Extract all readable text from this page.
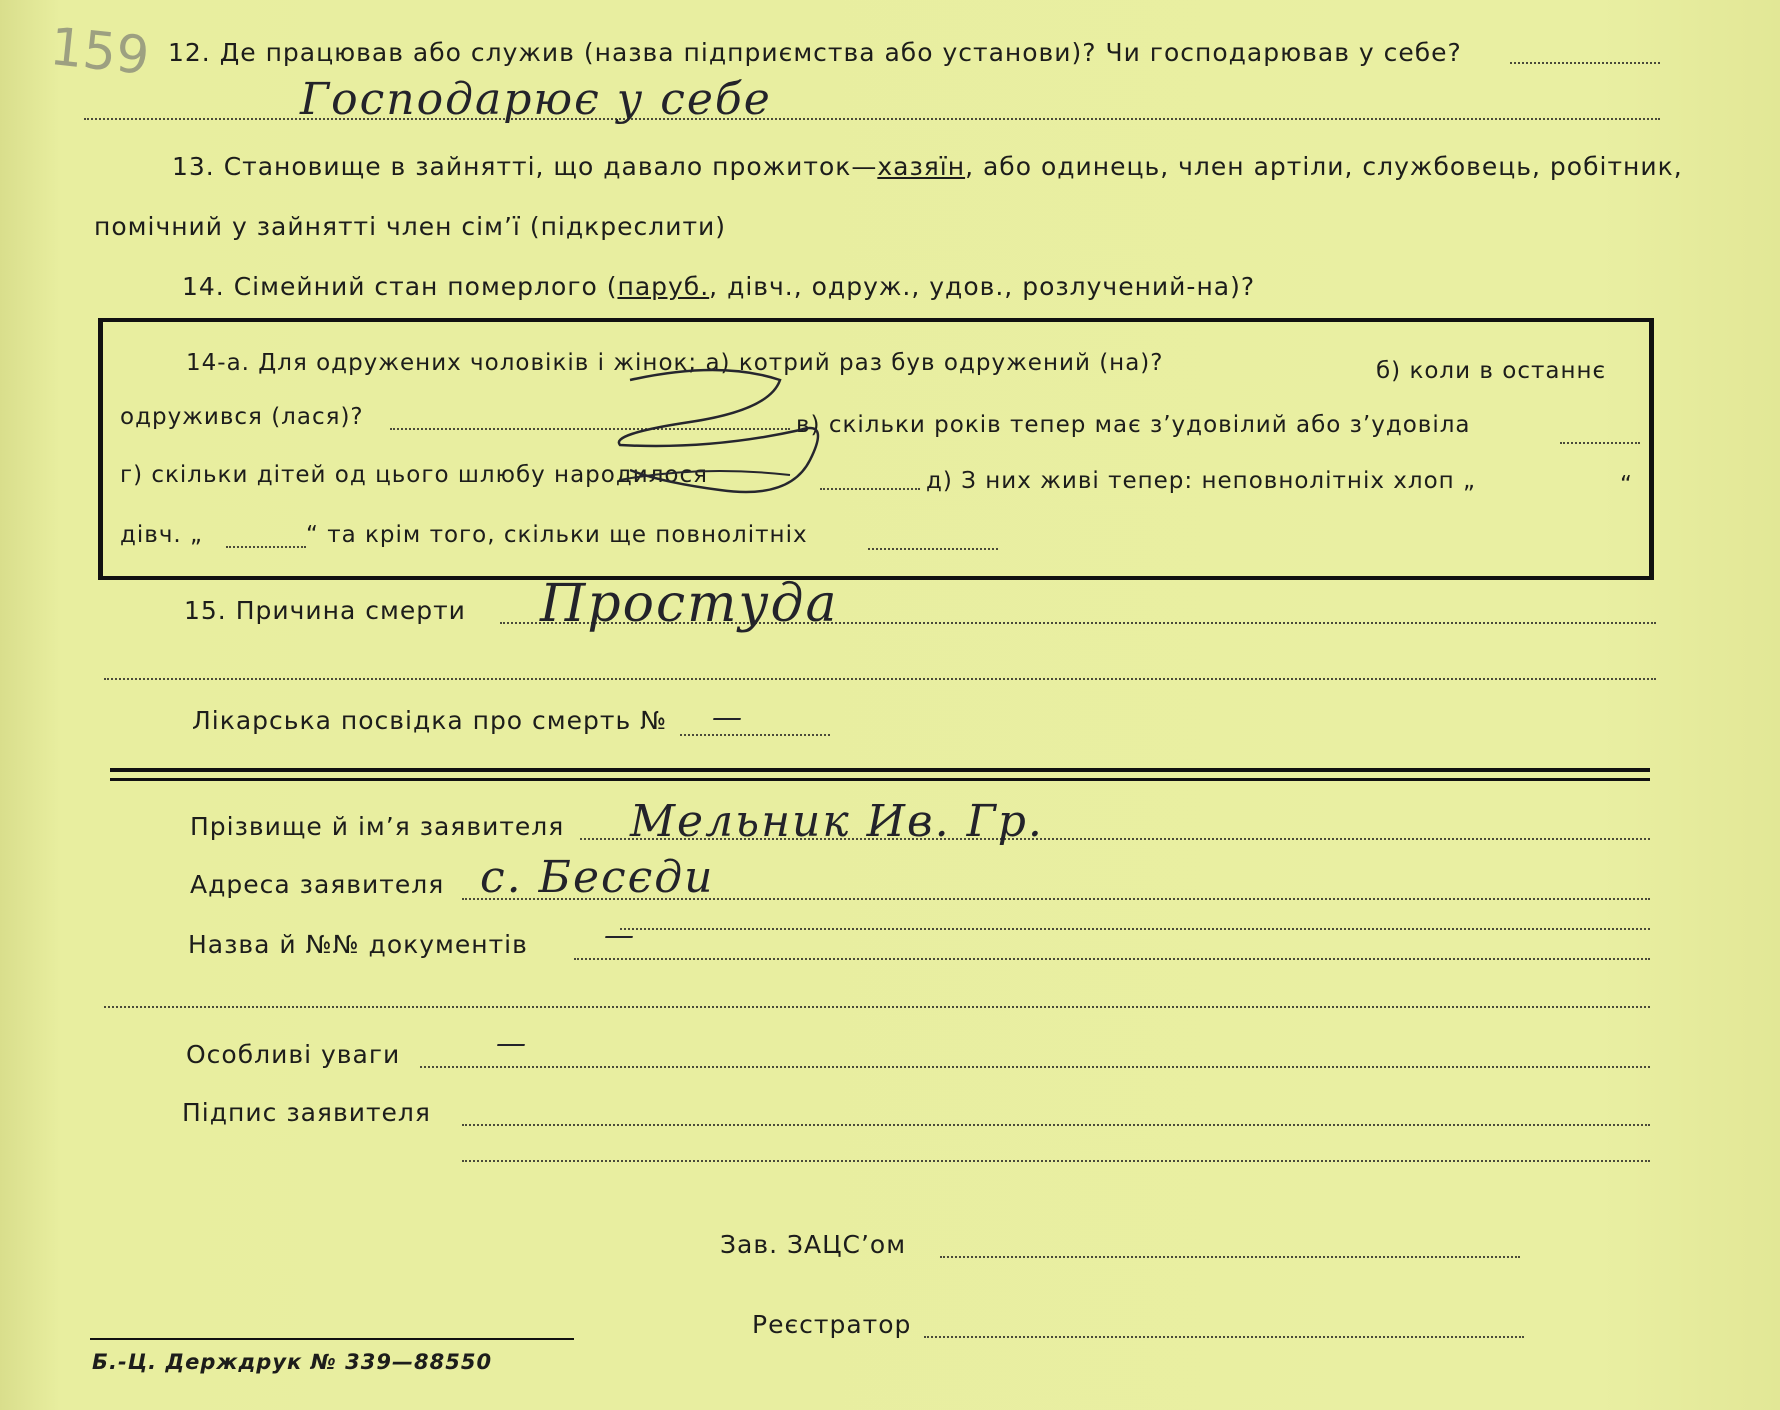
159 12. Де працював або служив (назва підприємства або установи)? Чи господарював у себе?
Господарює у себе
13. Становище в зайнятті, що давало прожиток—хазяїн, або одинець, член артіли, службовець, робітник,
помічний у зайнятті член сім’ї (підкреслити)
14. Сімейний стан померлого (паруб., дівч., одруж., удов., розлучений-на)?
14-а. Для одружених чоловіків і жінок; а) котрий раз був одружений (на)?	б) коли в останнє
одружився (лася)?	в) скільки років тепер має з’удовілий або з’удовіла
г) скільки дітей од цього шлюбу народилося	д) З них живі тепер: неповнолітніх хлоп „	“
дівч. „	“ та крім того, скільки ще повнолітніх
15. Причина смерти Простуда
Лікарська посвідка про смерть № —
Прізвище й ім’я заявителя Мельник Ив. Гр.
Адреса заявителя с. Бесєди
Назва й №№ документів	—
Особливі уваги	—
Підпис заявителя
Зав. ЗАЦС’ом
Реєстратор
Б.-Ц. Держдрук № 339—88550
